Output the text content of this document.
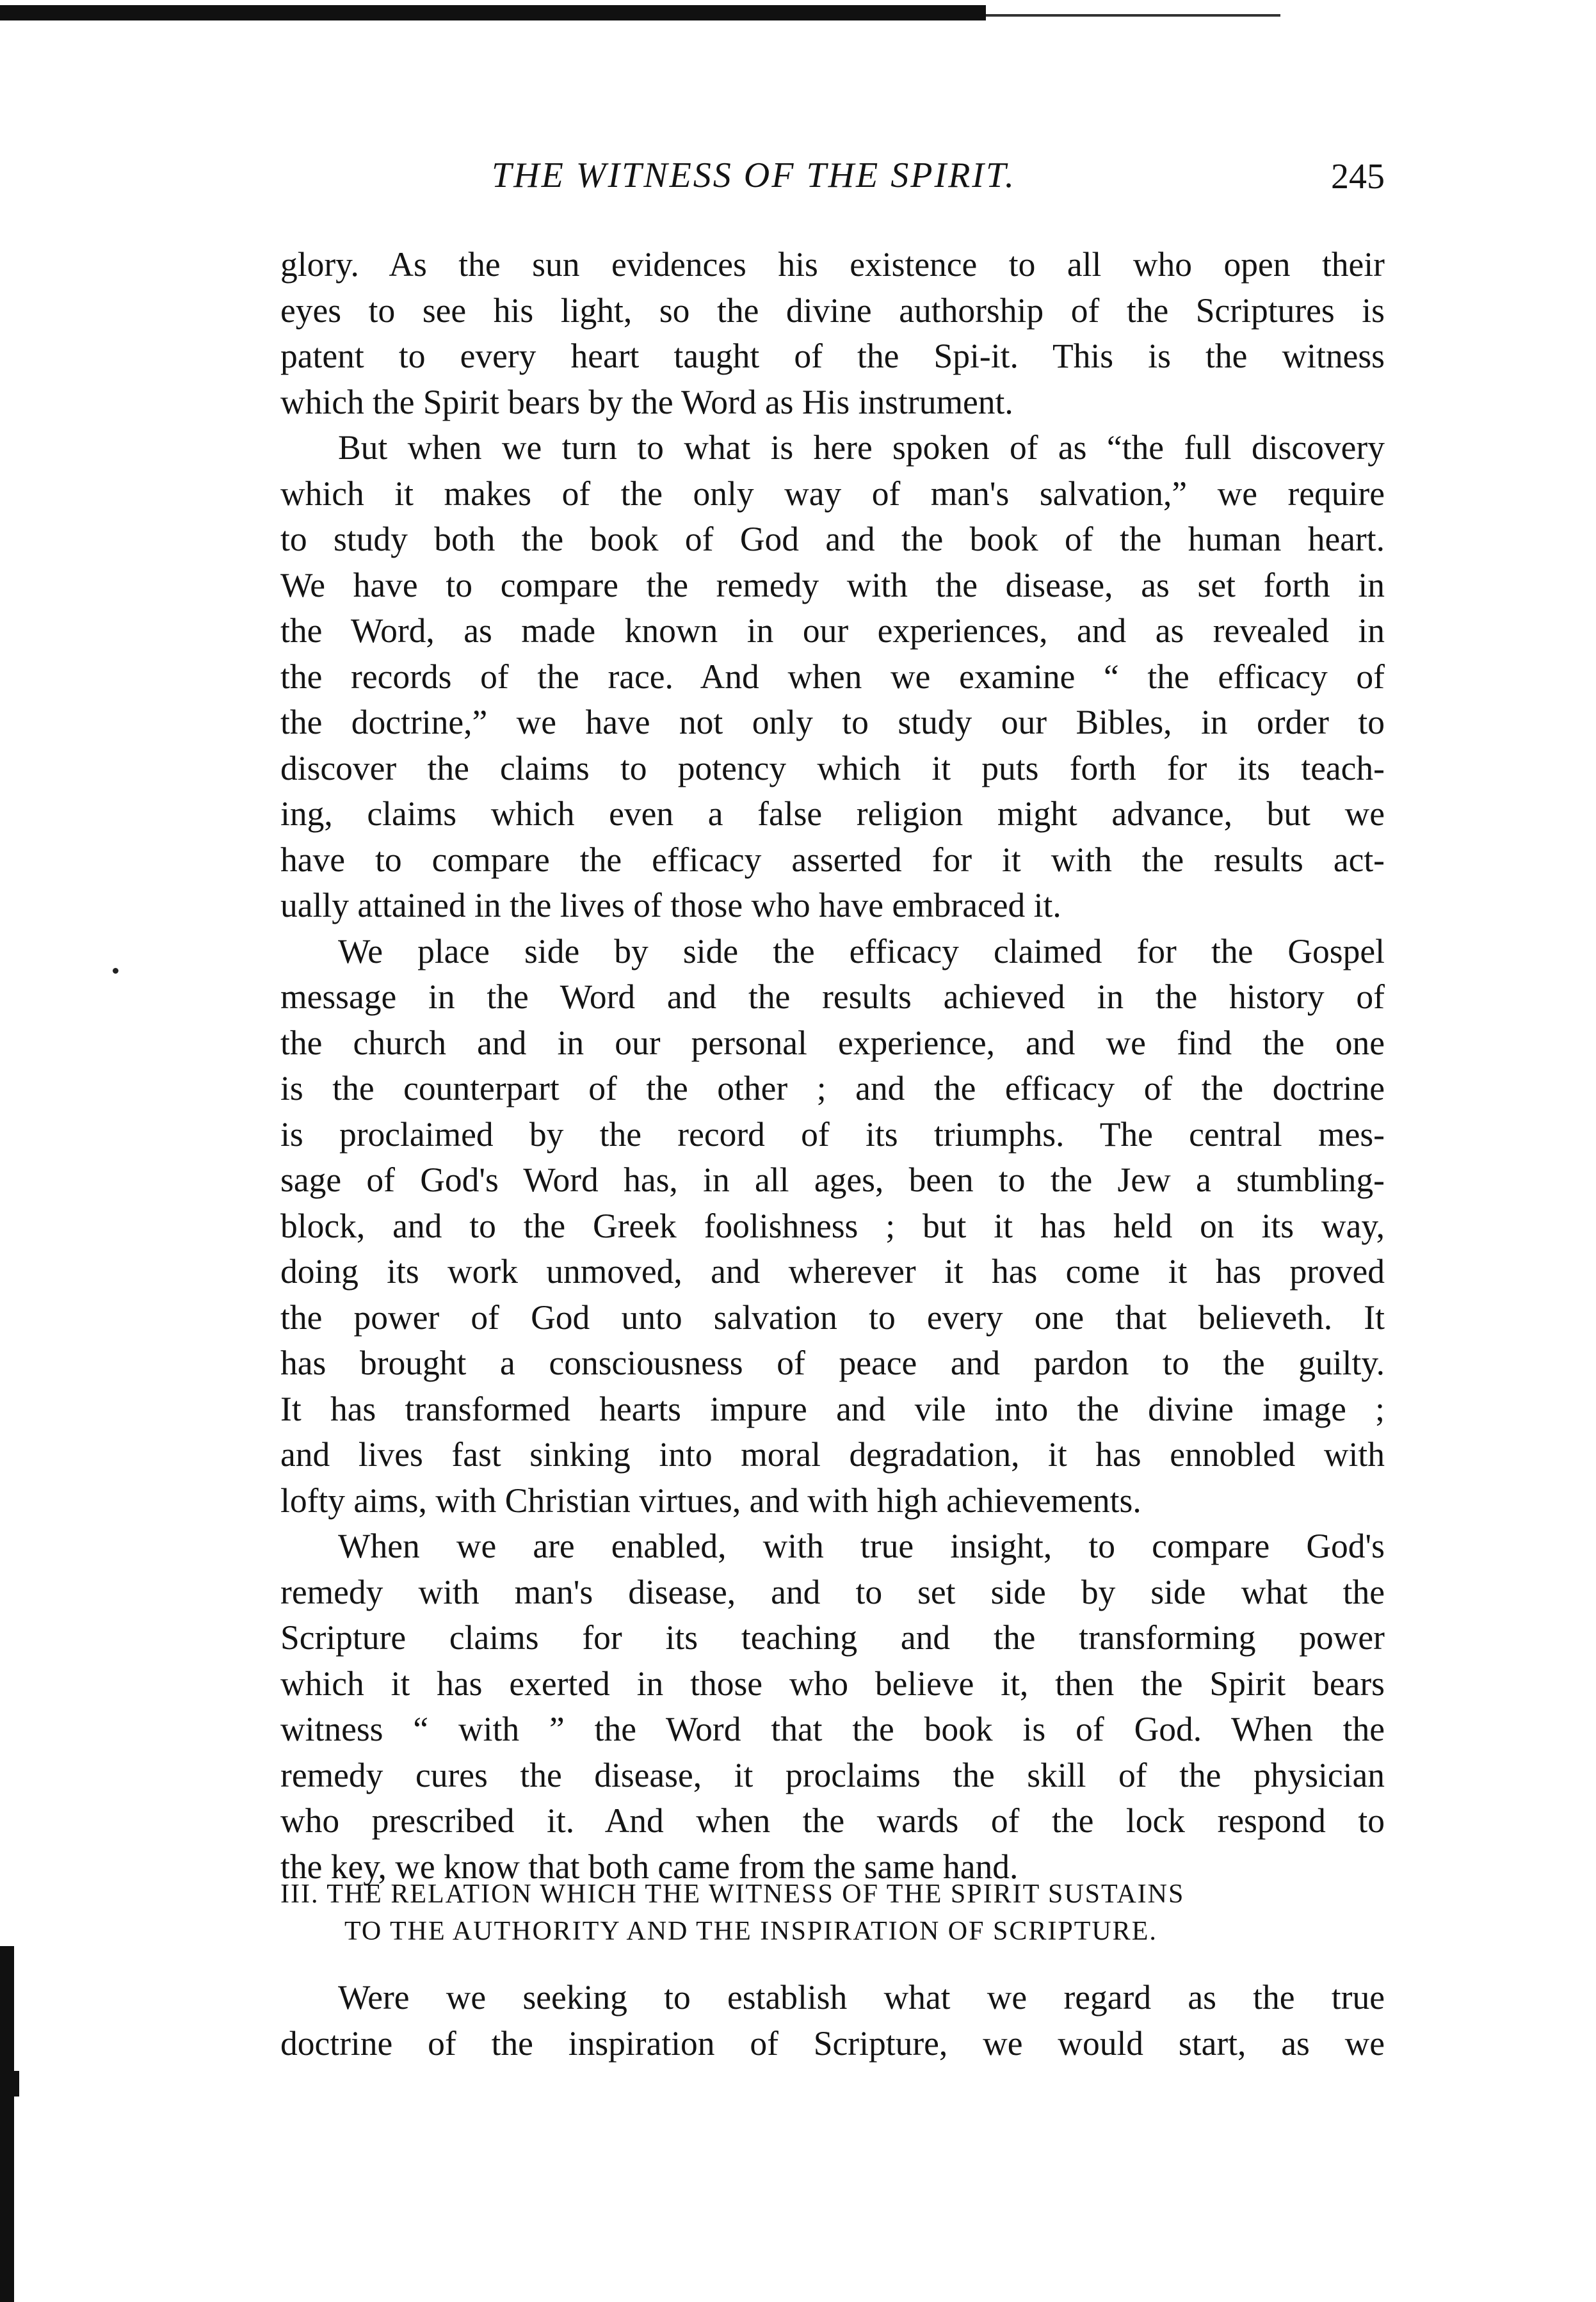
THE WITNESS OF THE SPIRIT.	245
glory. As the sun evidences his existence to all who open their
eyes to see his light, so the divine authorship of the Scriptures is
patent to every heart taught of the Spi-it. This is the witness
which the Spirit bears by the Word as His instrument.
But when we turn to what is here spoken of as “the full discovery
which it makes of the only way of man's salvation,” we require
to study both the book of God and the book of the human heart.
We have to compare the remedy with the disease, as set forth in
the Word, as made known in our experiences, and as revealed in
the records of the race. And when we examine “ the efficacy of
the doctrine,” we have not only to study our Bibles, in order to
discover the claims to potency which it puts forth for its teach-
ing, claims which even a false religion might advance, but we
have to compare the efficacy asserted for it with the results act-
ually attained in the lives of those who have embraced it.
We place side by side the efficacy claimed for the Gospel
message in the Word and the results achieved in the history of
the church and in our personal experience, and we find the one
is the counterpart of the other ; and the efficacy of the doctrine
is proclaimed by the record of its triumphs. The central mes-
sage of God's Word has, in all ages, been to the Jew a stumbling-
block, and to the Greek foolishness ; but it has held on its way,
doing its work unmoved, and wherever it has come it has proved
the power of God unto salvation to every one that believeth. It
has brought a consciousness of peace and pardon to the guilty.
It has transformed hearts impure and vile into the divine image ;
and lives fast sinking into moral degradation, it has ennobled with
lofty aims, with Christian virtues, and with high achievements.
When we are enabled, with true insight, to compare God's
remedy with man's disease, and to set side by side what the
Scripture claims for its teaching and the transforming power
which it has exerted in those who believe it, then the Spirit bears
witness “ with ” the Word that the book is of God. When the
remedy cures the disease, it proclaims the skill of the physician
who prescribed it. And when the wards of the lock respond to
the key, we know that both came from the same hand.
III. THE RELATION WHICH THE WITNESS OF THE SPIRIT SUSTAINS
TO THE AUTHORITY AND THE INSPIRATION OF SCRIPTURE.
Were we seeking to establish what we regard as the true
doctrine of the inspiration of Scripture, we would start, as we
